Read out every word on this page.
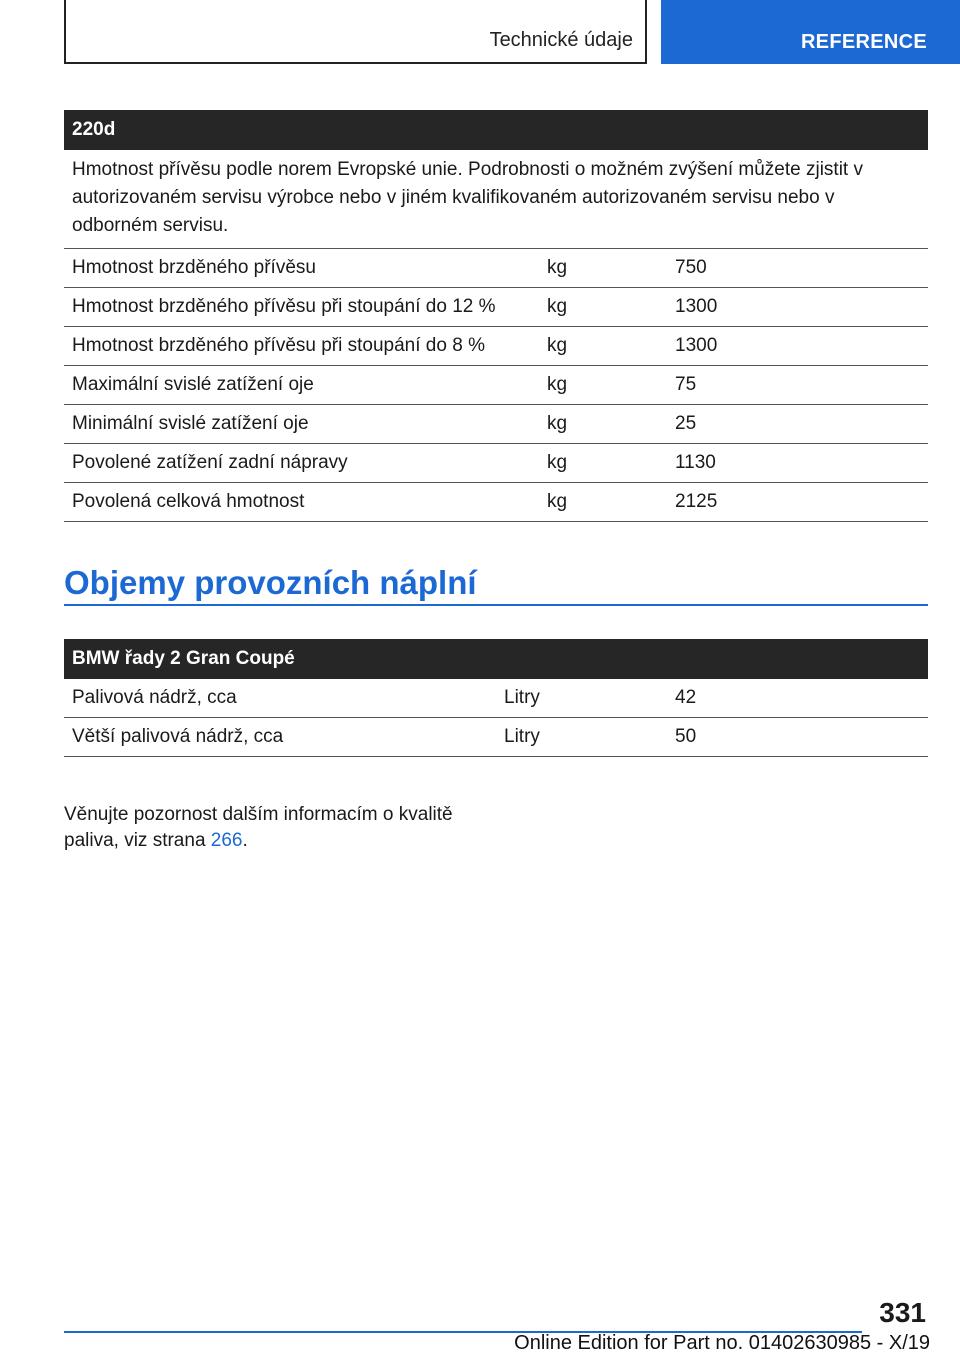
Technické údaje	REFERENCE
220d		
Hmotnost přívěsu podle norem Evropské unie. Podrobnosti o možném zvýšení můžete zjistit v autorizovaném servisu výrobce nebo v jiném kvalifikovaném autorizovaném servisu nebo v odborném servisu.		
Hmotnost brzděného přívěsu	kg	750
Hmotnost brzděného přívěsu při stoupání do 12 %	kg	1300
Hmotnost brzděného přívěsu při stoupání do 8 %	kg	1300
Maximální svislé zatížení oje	kg	75
Minimální svislé zatížení oje	kg	25
Povolené zatížení zadní nápravy	kg	1130
Povolená celková hmotnost	kg	2125
Objemy provozních náplní
BMW řady 2 Gran Coupé		
Palivová nádrž, cca	Litry	42
Větší palivová nádrž, cca	Litry	50

Věnujte pozornost dalším informacím o kvalitě paliva, viz strana 266.

331
Online Edition for Part no. 01402630985 - X/19
